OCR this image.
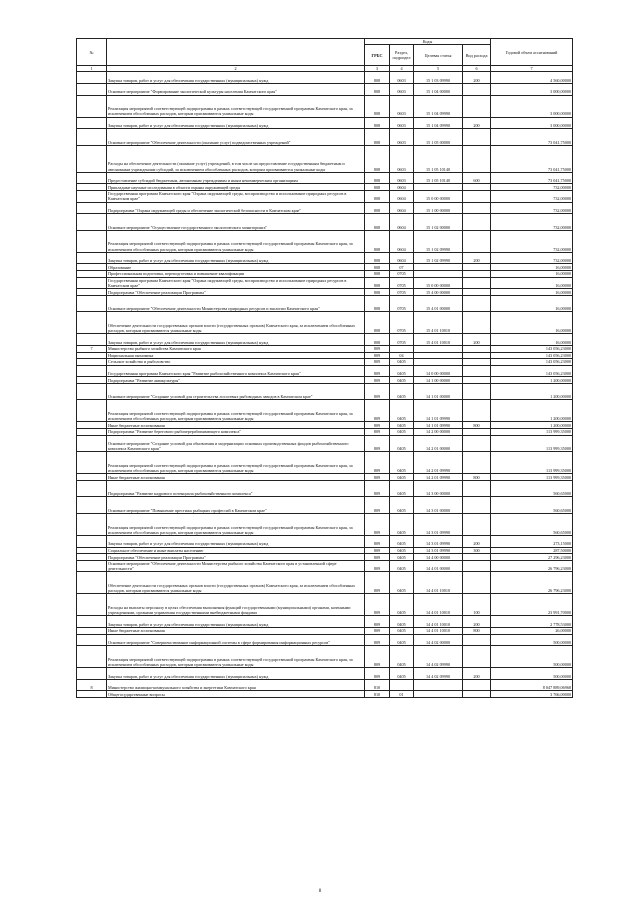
№		Коды				Годовой объем ассигнований
		ГРБС	Раздел, подраздел	Целевая статья	Вид расхода	
1	2	3	4	5	6	7
	Закупка товаров, работ и услуг для обеспечения государственных (муниципальных) нужд	808	0603	15 1 03 09990	200	4 560,00000
	Основное мероприятие "Формирование экологической культуры населения Камчатского края"	808	0603	15 1 04 00000		3 000,00000
	Реализация мероприятий соответствующей подпрограммы в рамках соответствующей государственной программы Камчатского края, за исключением обособленных расходов, которым присваиваются уникальные коды	808	0603	15 1 04 09990		3 000,00000
	Закупка товаров, работ и услуг для обеспечения государственных (муниципальных) нужд	808	0603	15 1 04 09990	200	3 000,00000
	Основное мероприятие "Обеспечение деятельности (оказание услуг) подведомственных учреждений"	808	0603	15 1 05 00000		73 041,75000
	Расходы на обеспечение деятельности (оказание услуг) учреждений, в том числе на предоставление государственным бюджетным и автономным учреждениям субсидий, за исключением обособленных расходов, которым присваиваются уникальные коды	808	0603	15 1 05 10140		73 041,75000
	Предоставление субсидий бюджетным, автономным учреждениям и иным некоммерческим организациям	808	0603	15 1 05 10140	600	73 041,75000
	Прикладные научные исследования в области охраны окружающей среды	808	0604			732,00000
	Государственная программа Камчатского края "Охрана окружающей среды, воспроизводство и использование природных ресурсов в Камчатском крае"	808	0604	15 0 00 00000		732,00000
	Подпрограмма "Охрана окружающей среды и обеспечение экологической безопасности в Камчатском крае"	808	0604	15 1 00 00000		732,00000
	Основное мероприятие "Осуществление государственного экологического мониторинга"	808	0604	15 1 02 00000		732,00000
	Реализация мероприятий соответствующей подпрограммы в рамках соответствующей государственной программы Камчатского края, за исключением обособленных расходов, которым присваиваются уникальные коды	808	0604	15 1 02 09990		732,00000
	Закупка товаров, работ и услуг для обеспечения государственных (муниципальных) нужд	808	0604	15 1 02 09990	200	732,00000
	Образование	808	07			16,00000
	Профессиональная подготовка, переподготовка и повышение квалификации	808	0705			16,00000
	Государственная программа Камчатского края "Охрана окружающей среды, воспроизводство и использование природных ресурсов в Камчатском крае"	808	0705	15 0 00 00000		16,00000
	Подпрограмма "Обеспечение реализации Программы"	808	0705	15 4 00 00000		16,00000
	Основное мероприятие "Обеспечение деятельности Министерства природных ресурсов и экологии Камчатского края"	808	0705	15 4 01 00000		16,00000
	Обеспечение деятельности государственных органов власти (государственных органов) Камчатского края, за исключением обособленных расходов, которым присваиваются уникальные коды	808	0705	15 4 01 10010		16,00000
	Закупка товаров, работ и услуг для обеспечения государственных (муниципальных) нужд	808	0705	15 4 01 10010	200	16,00000
7	Министерство рыбного хозяйства Камчатского края	809				143 056,23000
	Национальная экономика	809	04			143 056,23000
	Сельское хозяйство и рыболовство	809	0405			143 056,23000
	Государственная программа Камчатского края "Развитие рыбохозяйственного комплекса Камчатского края"	809	0405	14 0 00 00000		143 056,23000
	Подпрограмма "Развитие аквакультуры"	809	0405	14 1 00 00000		1 200,00000
	Основное мероприятие "Создание условий для строительства лососевых рыбоводных заводов в Камчатском крае"	809	0405	14 1 01 00000		1 200,00000
	Реализация мероприятий соответствующей подпрограммы в рамках соответствующей государственной программы Камчатского края, за исключением обособленных расходов, которым присваиваются уникальные коды	809	0405	14 1 01 09990		1 200,00000
	Иные бюджетные ассигнования	809	0405	14 1 01 09990	800	1 200,00000
	Подпрограмма "Развитие берегового рыбоперерабатывающего комплекса"	809	0405	14 2 00 00000		113 999,35000
	Основное мероприятие "Создание условий для обновления и модернизации основных производственных фондов рыбохозяйственного комплекса Камчатского края"	809	0405	14 2 01 00000		113 999,35000
	Реализация мероприятий соответствующей подпрограммы в рамках соответствующей государственной программы Камчатского края, за исключением обособленных расходов, которым присваиваются уникальные коды	809	0405	14 2 01 09990		113 999,35000
	Иные бюджетные ассигнования	809	0405	14 2 01 09990	800	113 999,35000
	Подпрограмма "Развитие кадрового потенциала рыбохозяйственного комплекса"	809	0405	14 3 00 00000		560,65000
	Основное мероприятие "Повышение престижа рыбацких профессий в Камчатском крае"	809	0405	14 3 01 00000		560,65000
	Реализация мероприятий соответствующей подпрограммы в рамках соответствующей государственной программы Камчатского края, за исключением обособленных расходов, которым присваиваются уникальные коды	809	0405	14 3 01 09990		560,65000
	Закупка товаров, работ и услуг для обеспечения государственных (муниципальных) нужд	809	0405	14 3 01 09990	200	273,15000
	Социальное обеспечение и иные выплаты населению	809	0405	14 3 01 09990	300	287,50000
	Подпрограмма "Обеспечение реализации Программы"	809	0405	14 4 00 00000		27 296,23000
	Основное мероприятие "Обеспечение деятельности Министерства рыбного хозяйства Камчатского края в установленной сфере деятельности"	809	0405	14 4 01 00000		26 796,23000
	Обеспечение деятельности государственных органов власти (государственных органов) Камчатского края, за исключением обособленных расходов, которым присваиваются уникальные коды	809	0405	14 4 01 10010		26 796,23000
	Расходы на выплаты персоналу в целях обеспечения выполнения функций государственными (муниципальными) органами, казенными учреждениями, органами управления государственными внебюджетными фондами	809	0405	14 4 01 10010	100	23 991,70000
	Закупка товаров, работ и услуг для обеспечения государственных (муниципальных) нужд	809	0405	14 4 01 10010	200	2 778,53000
	Иные бюджетные ассигнования	809	0405	14 4 01 10010	800	26,00000
	Основное мероприятие "Совершенствование информационной системы в сфере формирования информационных ресурсов"	809	0405	14 4 02 00000		500,00000
	Реализация мероприятий соответствующей подпрограммы в рамках соответствующей государственной программы Камчатского края, за исключением обособленных расходов, которым присваиваются уникальные коды	809	0405	14 4 02 09990		500,00000
	Закупка товаров, работ и услуг для обеспечения государственных (муниципальных) нужд	809	0405	14 4 02 09990	200	500,00000
8	Министерство жилищно-коммунального хозяйства и энергетики Камчатского края	810				8 047 889,06968
	Общегосударственные вопросы	810	01			3 766,00000
8
